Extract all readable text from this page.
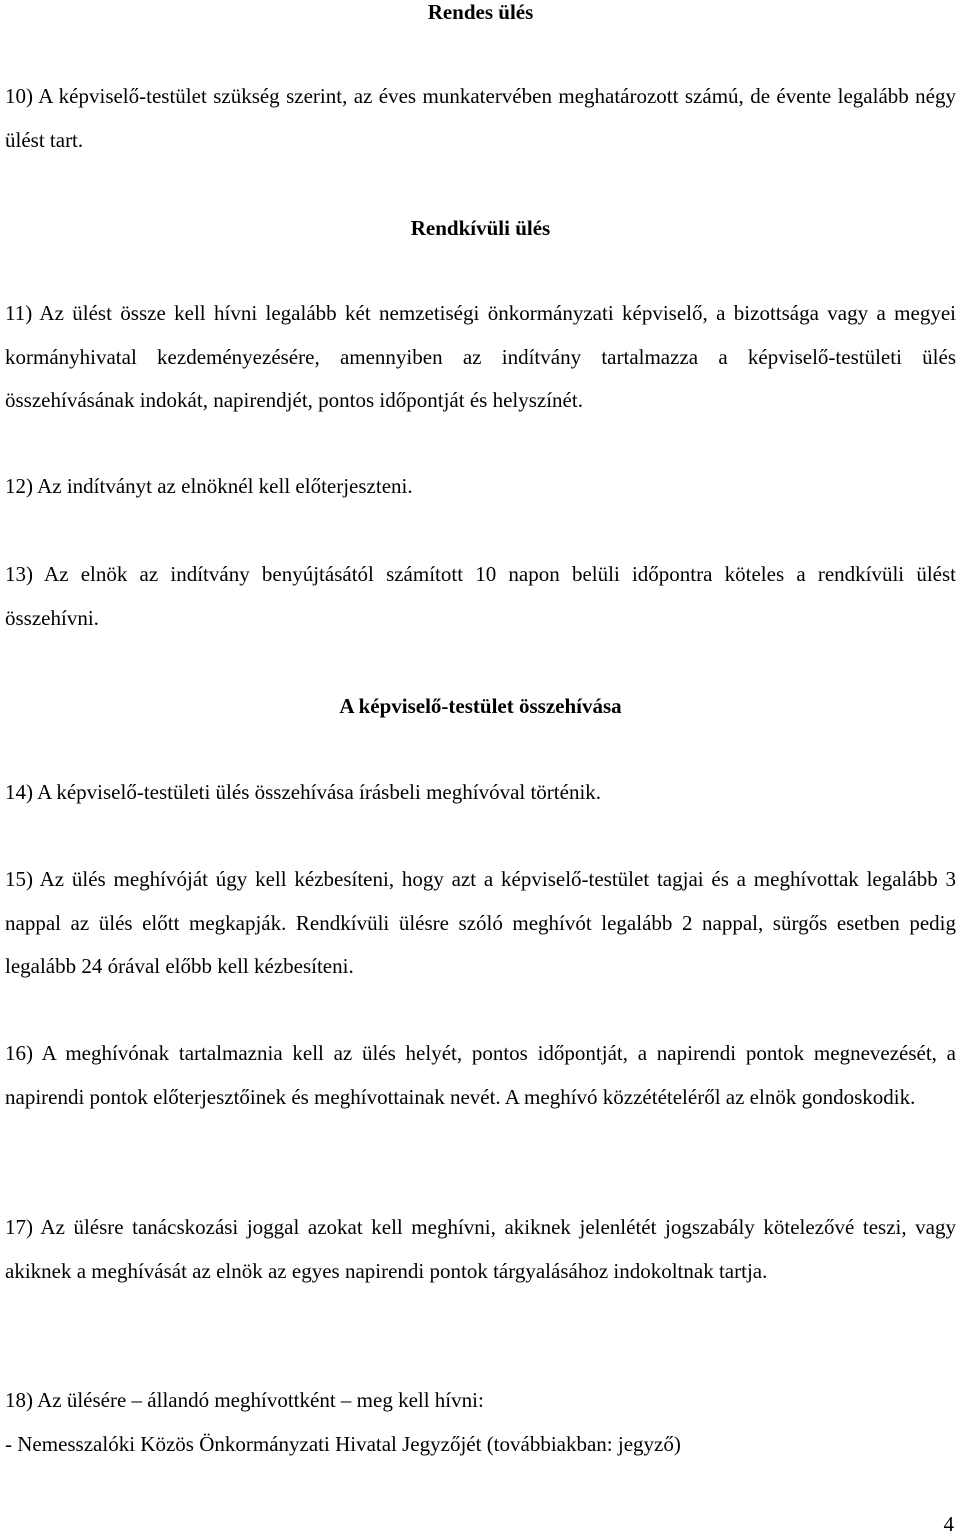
Rendes ülés

10) A képviselő-testület szükség szerint, az éves munkatervében meghatározott számú, de évente legalább négy ülést tart.

Rendkívüli ülés

11) Az ülést össze kell hívni legalább két nemzetiségi önkormányzati képviselő, a bizottsága vagy a megyei kormányhivatal kezdeményezésére, amennyiben az indítvány tartalmazza a képviselő-testületi ülés összehívásának indokát, napirendjét, pontos időpontját és helyszínét.

12) Az indítványt az elnöknél kell előterjeszteni.

13) Az elnök az indítvány benyújtásától számított 10 napon belüli időpontra köteles a rendkívüli ülést összehívni.

A képviselő-testület összehívása

14) A képviselő-testületi ülés összehívása írásbeli meghívóval történik.

15) Az ülés meghívóját úgy kell kézbesíteni, hogy azt a képviselő-testület tagjai és a meghívottak legalább 3 nappal az ülés előtt megkapják. Rendkívüli ülésre szóló meghívót legalább 2 nappal, sürgős esetben pedig legalább 24 órával előbb kell kézbesíteni.

16) A meghívónak tartalmaznia kell az ülés helyét, pontos időpontját, a napirendi pontok megnevezését, a napirendi pontok előterjesztőinek és meghívottainak nevét. A meghívó közzétételéről az elnök gondoskodik.

17) Az ülésre tanácskozási joggal azokat kell meghívni, akiknek jelenlétét jogszabály kötelezővé teszi, vagy akiknek a meghívását az elnök az egyes napirendi pontok tárgyalásához indokoltnak tartja.

18) Az ülésére – állandó meghívottként – meg kell hívni:

- Nemesszalóki Közös Önkormányzati Hivatal Jegyzőjét (továbbiakban: jegyző)

4
